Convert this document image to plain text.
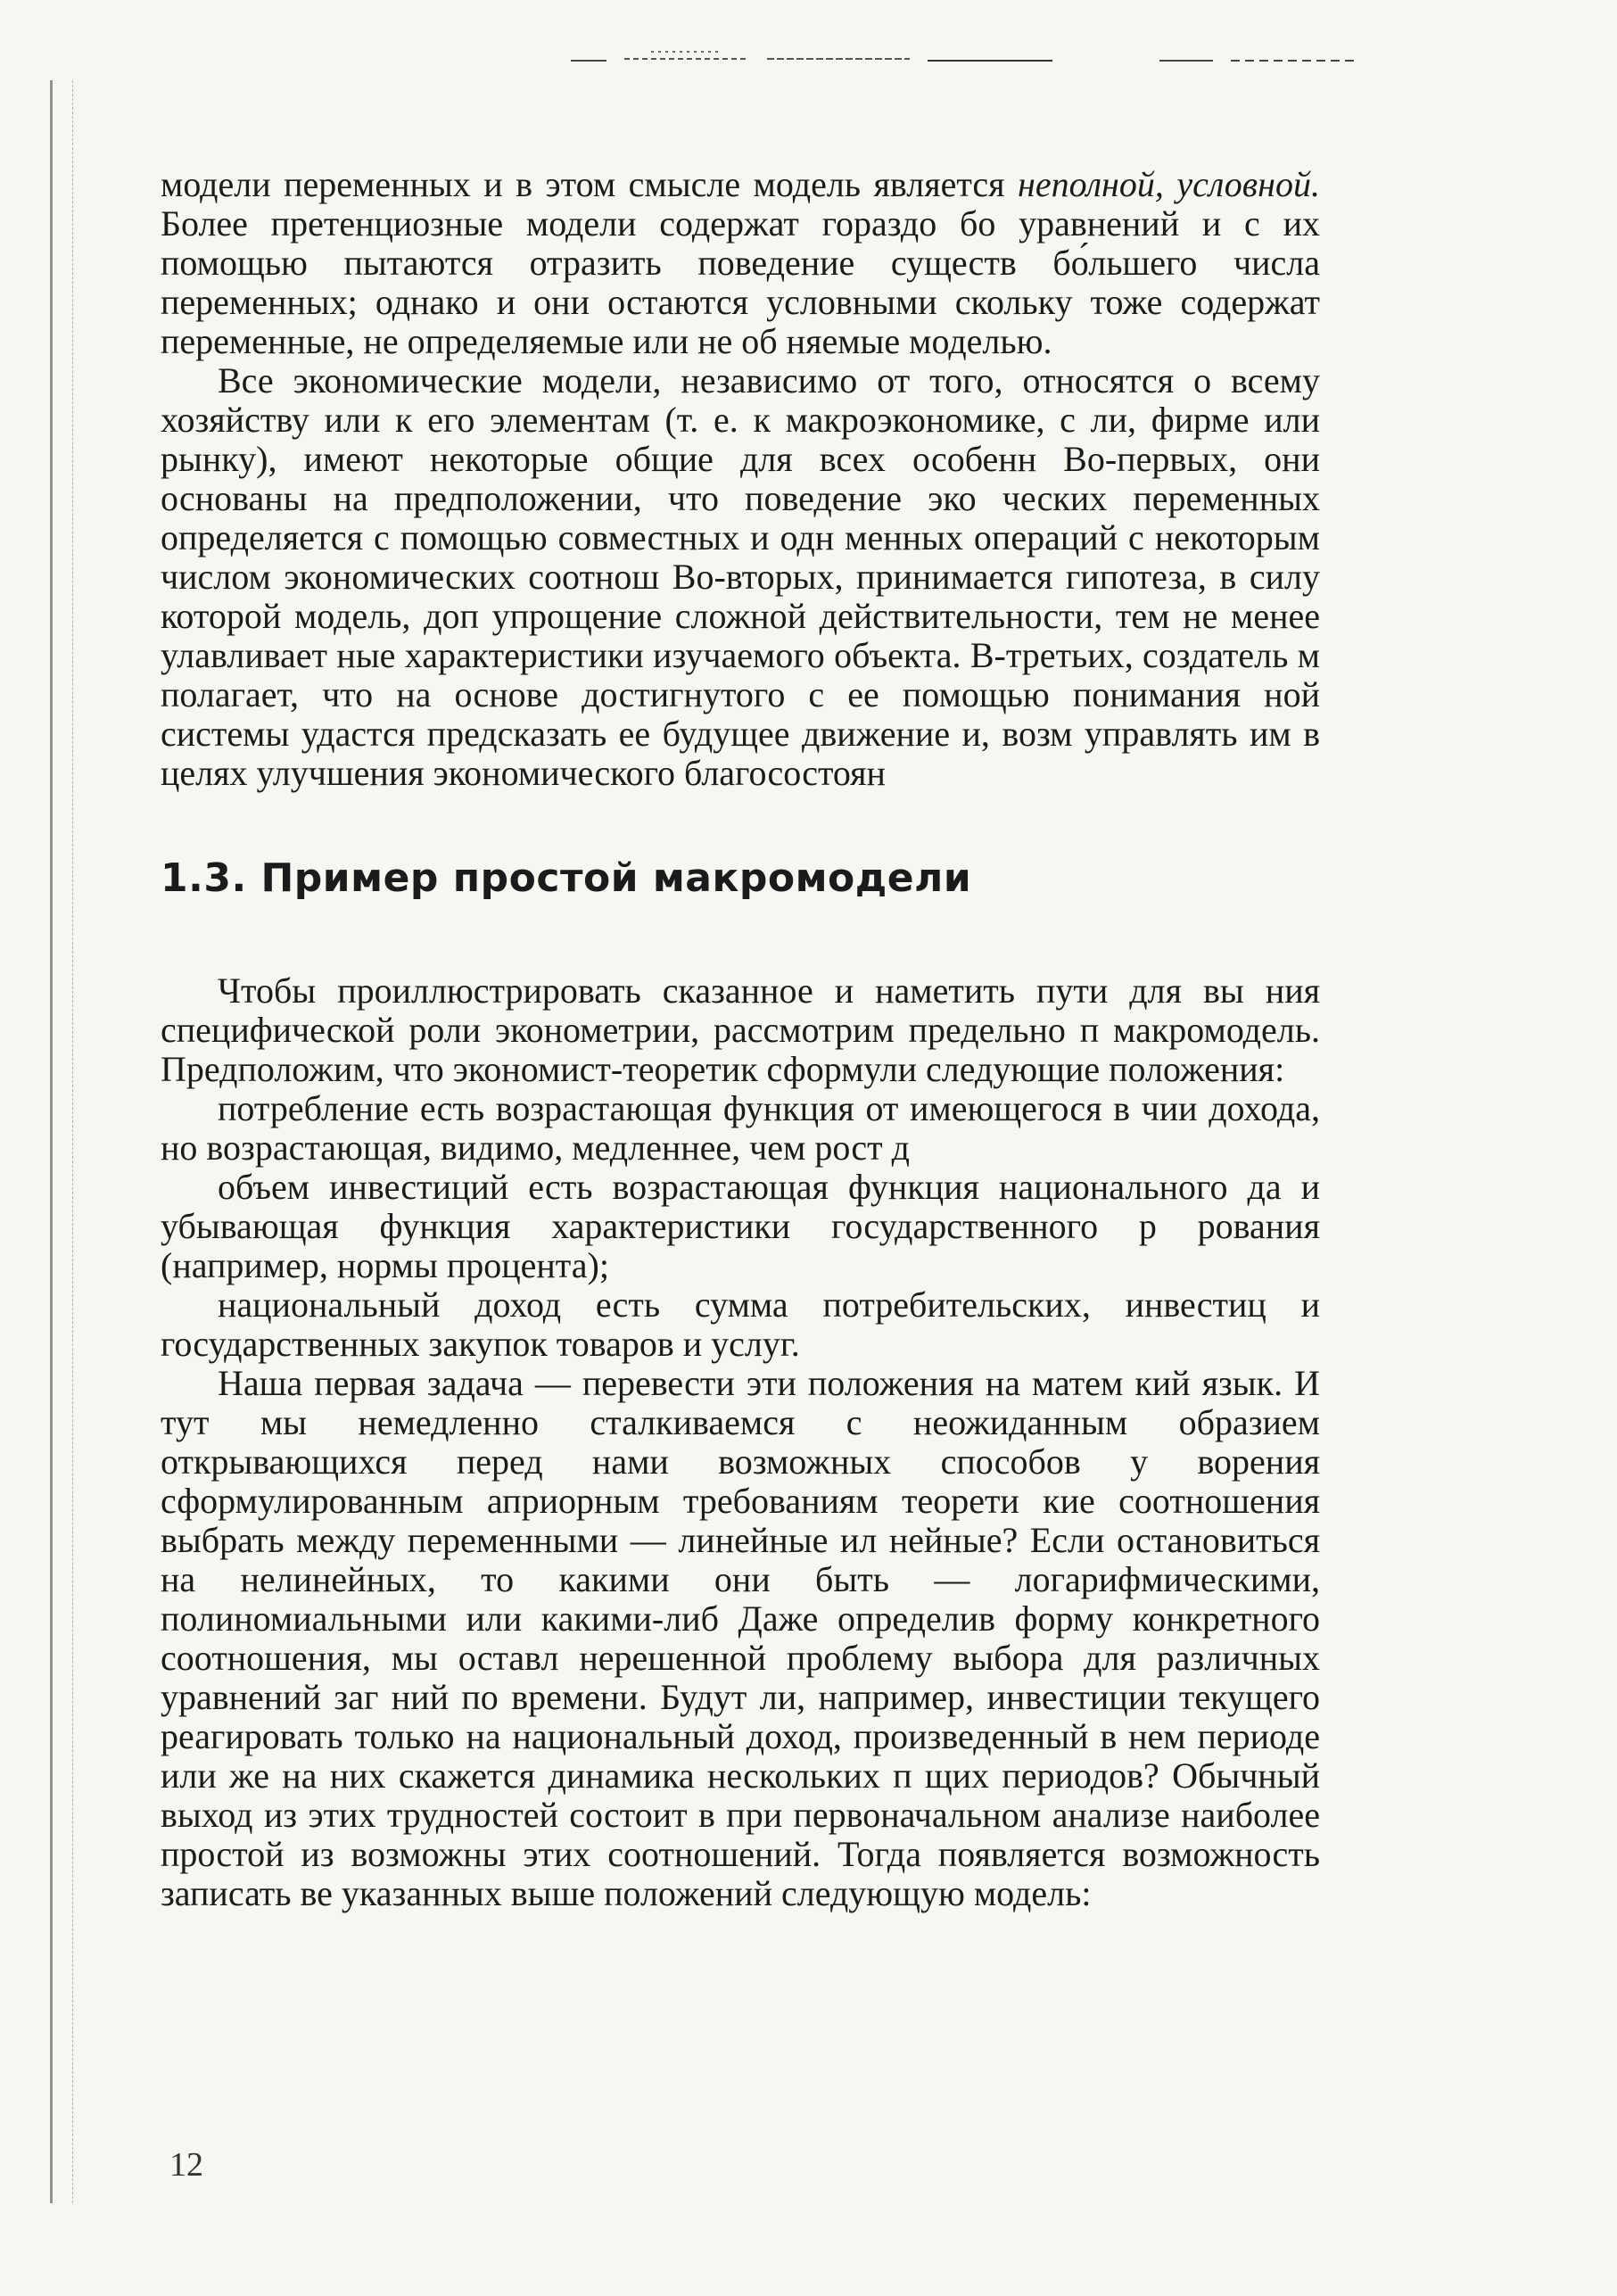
модели переменных и в этом смысле модель является неполной, условной. Более претенциозные модели содержат гораздо бо уравнений и с их помощью пытаются отразить поведение существ бо́льшего числа переменных; однако и они остаются условными скольку тоже содержат переменные, не определяемые или не об няемые моделью.

Все экономические модели, независимо от того, относятся о всему хозяйству или к его элементам (т. е. к макроэкономике, с ли, фирме или рынку), имеют некоторые общие для всех особенн Во-первых, они основаны на предположении, что поведение эко ческих переменных определяется с помощью совместных и одн менных операций с некоторым числом экономических соотнош Во-вторых, принимается гипотеза, в силу которой модель, доп упрощение сложной действительности, тем не менее улавливает ные характеристики изучаемого объекта. В-третьих, создатель м полагает, что на основе достигнутого с ее помощью понимания ной системы удастся предсказать ее будущее движение и, возм управлять им в целях улучшения экономического благосостоян

1.3. Пример простой макромодели

Чтобы проиллюстрировать сказанное и наметить пути для вы ния специфической роли эконометрии, рассмотрим предельно п макромодель. Предположим, что экономист-теоретик сформули следующие положения:

потребление есть возрастающая функция от имеющегося в чии дохода, но возрастающая, видимо, медленнее, чем рост д

объем инвестиций есть возрастающая функция национального да и убывающая функция характеристики государственного р рования (например, нормы процента);

национальный доход есть сумма потребительских, инвестиц и государственных закупок товаров и услуг.

Наша первая задача — перевести эти положения на матем кий язык. И тут мы немедленно сталкиваемся с неожиданным образием открывающихся перед нами возможных способов у ворения сформулированным априорным требованиям теорети кие соотношения выбрать между переменными — линейные ил нейные? Если остановиться на нелинейных, то какими они быть — логарифмическими, полиномиальными или какими-либ Даже определив форму конкретного соотношения, мы оставл нерешенной проблему выбора для различных уравнений заг ний по времени. Будут ли, например, инвестиции текущего реагировать только на национальный доход, произведенный в нем периоде или же на них скажется динамика нескольких п щих периодов? Обычный выход из этих трудностей состоит в при первоначальном анализе наиболее простой из возможны этих соотношений. Тогда появляется возможность записать ве указанных выше положений следующую модель:

12
